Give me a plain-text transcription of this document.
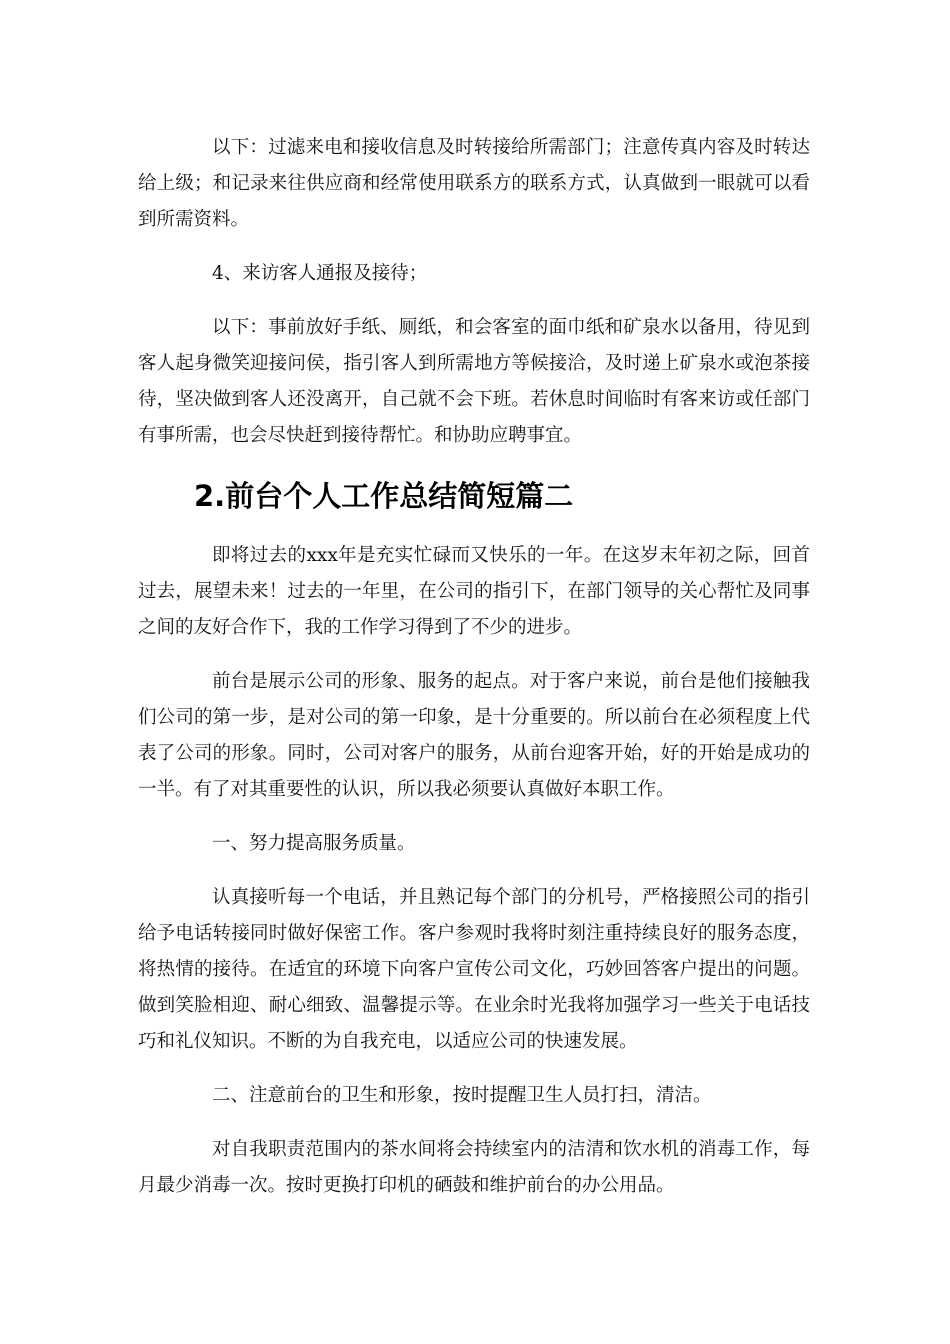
以下：过滤来电和接收信息及时转接给所需部门；注意传真内容及时转达给上级；和记录来往供应商和经常使用联系方的联系方式，认真做到一眼就可以看到所需资料。

4、来访客人通报及接待；

以下：事前放好手纸、厕纸，和会客室的面巾纸和矿泉水以备用，待见到客人起身微笑迎接问侯，指引客人到所需地方等候接洽，及时递上矿泉水或泡茶接待，坚决做到客人还没离开，自己就不会下班。若休息时间临时有客来访或任部门有事所需，也会尽快赶到接待帮忙。和协助应聘事宜。

2.前台个人工作总结简短篇二

即将过去的xxx年是充实忙碌而又快乐的一年。在这岁末年初之际，回首过去，展望未来！过去的一年里，在公司的指引下，在部门领导的关心帮忙及同事之间的友好合作下，我的工作学习得到了不少的进步。

前台是展示公司的形象、服务的起点。对于客户来说，前台是他们接触我们公司的第一步，是对公司的第一印象，是十分重要的。所以前台在必须程度上代表了公司的形象。同时，公司对客户的服务，从前台迎客开始，好的开始是成功的一半。有了对其重要性的认识，所以我必须要认真做好本职工作。

一、努力提高服务质量。

认真接听每一个电话，并且熟记每个部门的分机号，严格接照公司的指引给予电话转接同时做好保密工作。客户参观时我将时刻注重持续良好的服务态度，将热情的接待。在适宜的环境下向客户宣传公司文化，巧妙回答客户提出的问题。做到笑脸相迎、耐心细致、温馨提示等。在业余时光我将加强学习一些关于电话技巧和礼仪知识。不断的为自我充电，以适应公司的快速发展。

二、注意前台的卫生和形象，按时提醒卫生人员打扫，清洁。

对自我职责范围内的茶水间将会持续室内的洁清和饮水机的消毒工作，每月最少消毒一次。按时更换打印机的硒鼓和维护前台的办公用品。
